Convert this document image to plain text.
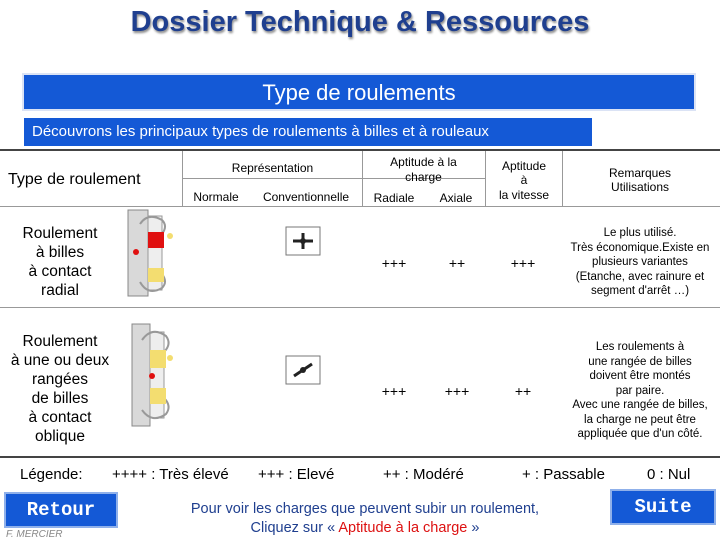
Dossier Technique & Ressources
Type de roulements
Découvrons les principaux types de roulements à billes et à rouleaux
Type de roulement
Représentation
Normale	Conventionnelle
Aptitude à la
charge
Radiale	Axiale
Aptitude
à
la vitesse
Remarques
Utilisations
Roulement
à billes
à contact
radial
+++	++	+++
Le plus utilisé.
Très économique.Existe en
plusieurs variantes
(Etanche, avec rainure et
segment d'arrêt …)
Roulement
à une ou deux
rangées
de billes
à contact
oblique
+++	+++	++
Les roulements à
une rangée de billes
doivent être montés
par paire.
Avec une rangée de billes,
la charge ne peut être
appliquée que d'un côté.
Légende: ++++ : Très élevé +++ : Elevé	++ : Modéré	+ : Passable	0 : Nul
Retour	Suite
Pour voir les charges que peuvent subir un roulement,
Cliquez sur « Aptitude à la charge »
F. MERCIER
